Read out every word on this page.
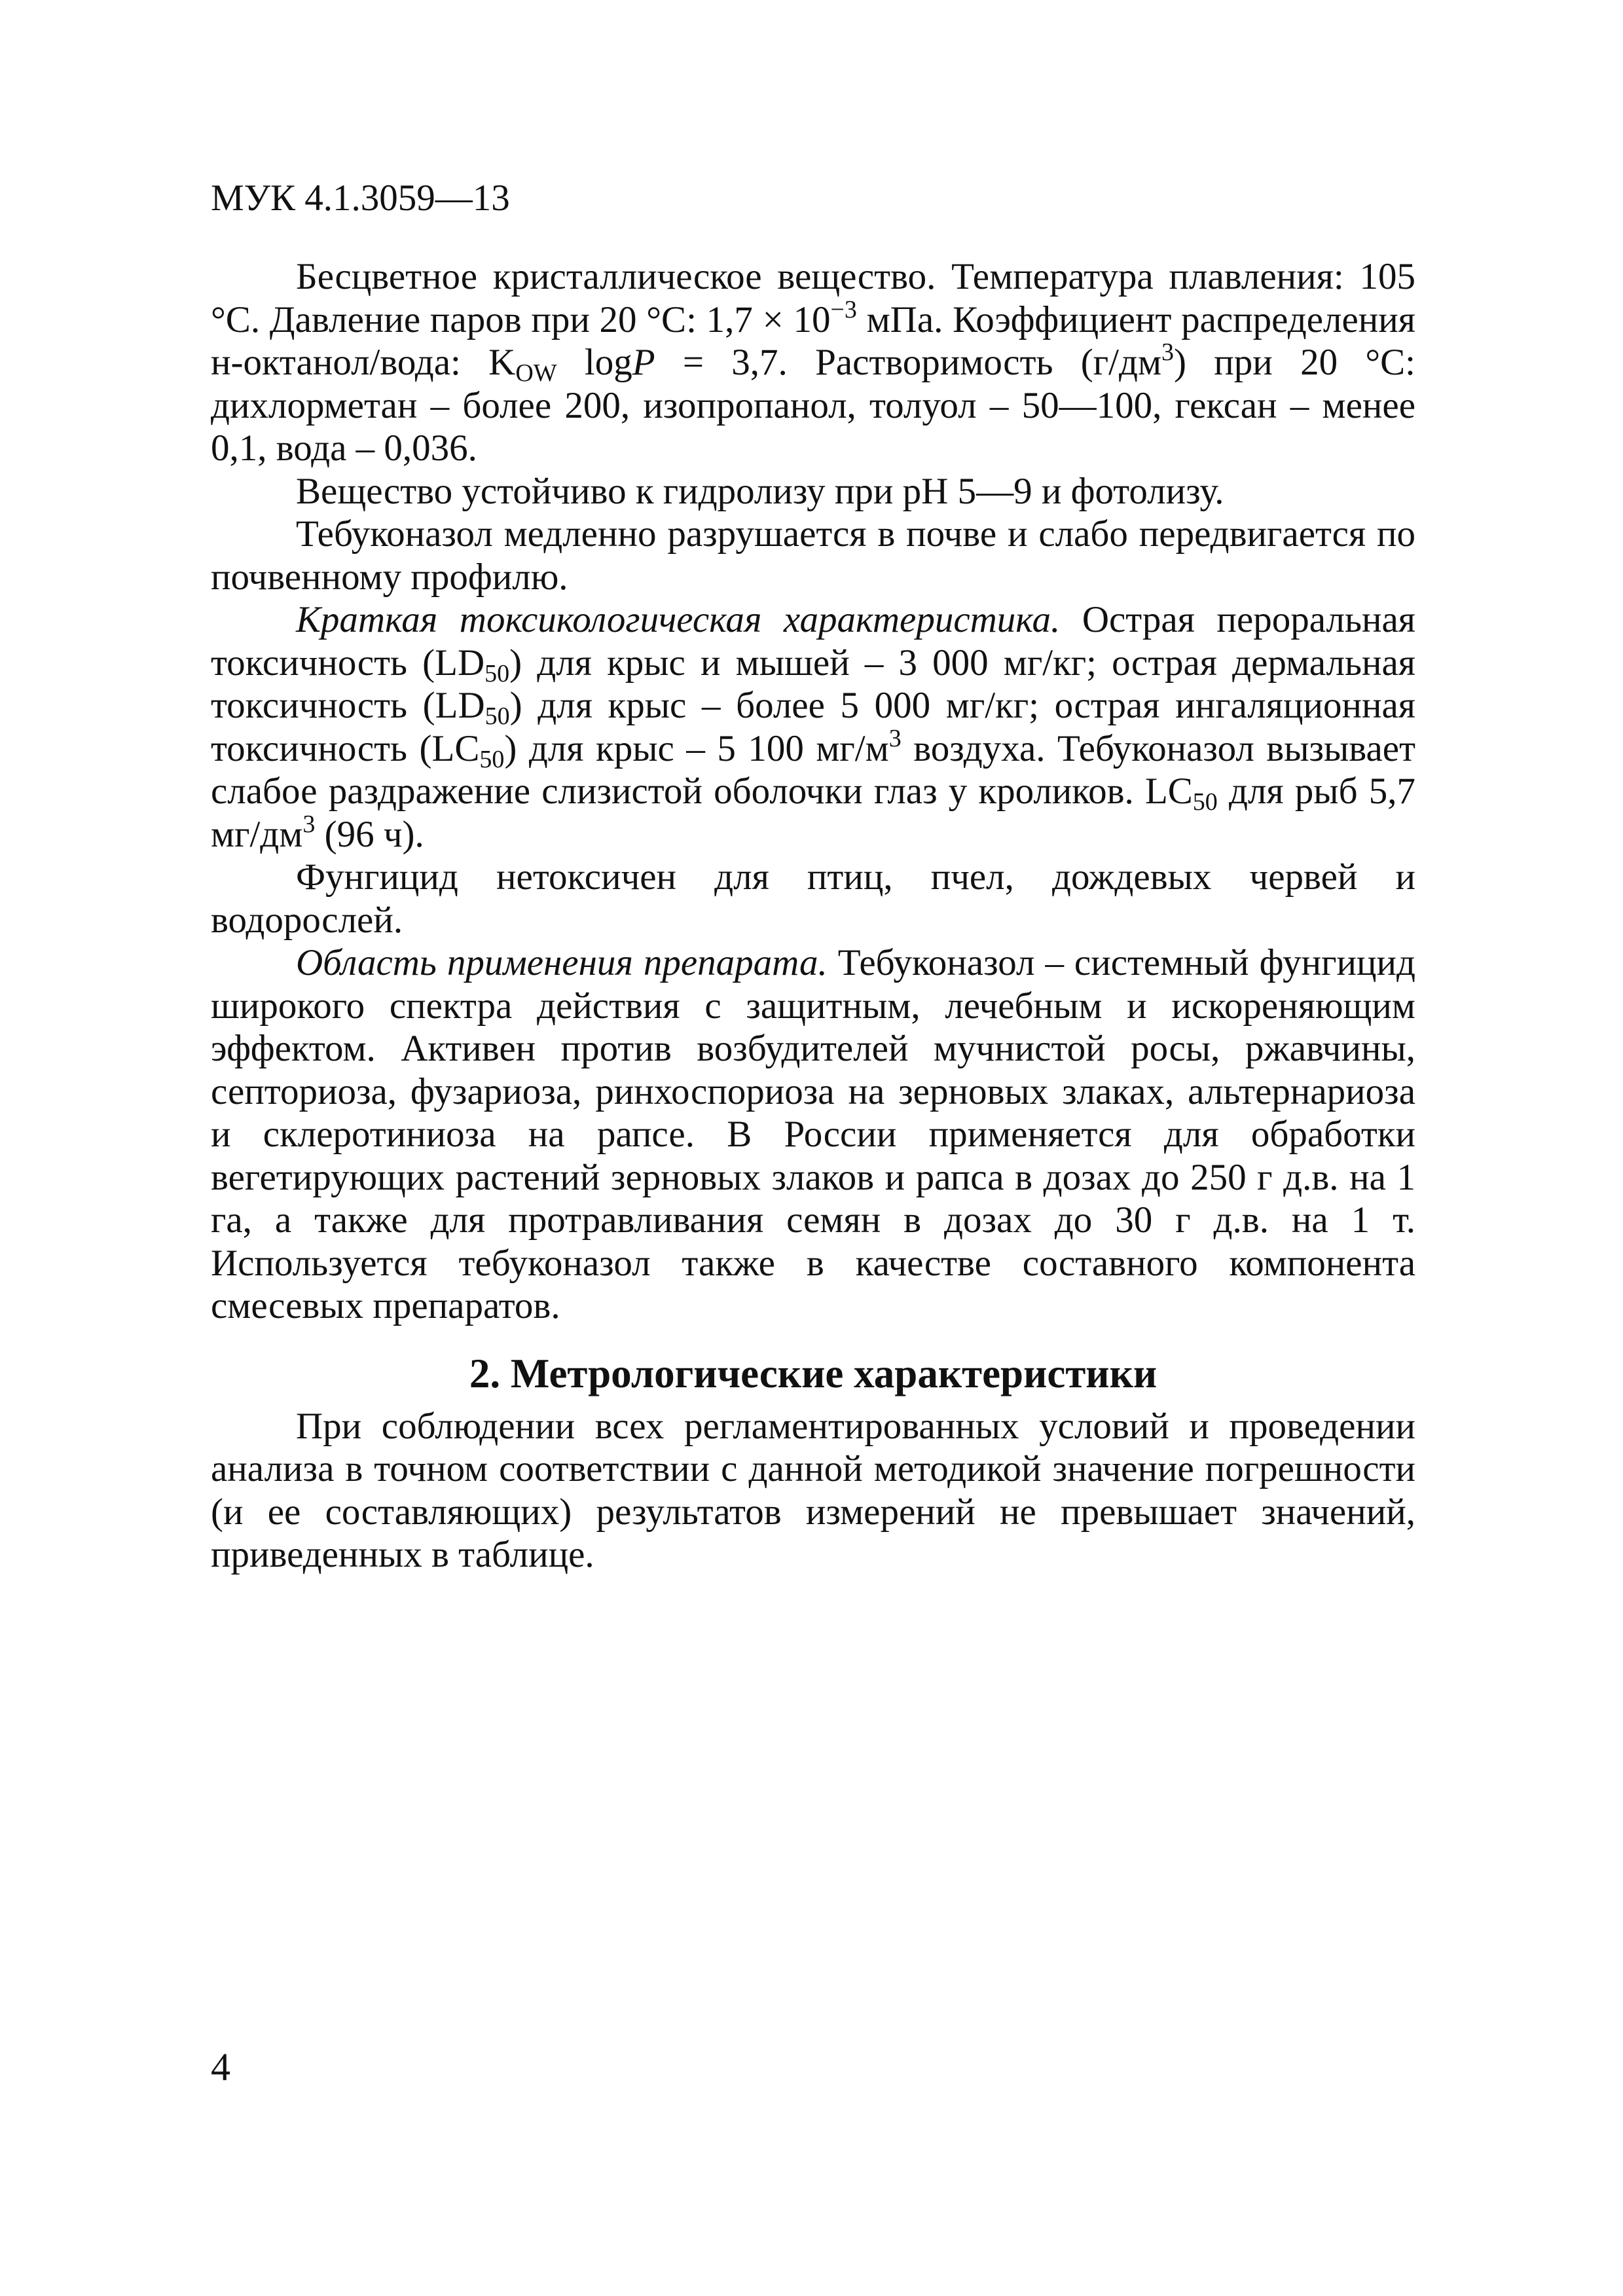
МУК 4.1.3059—13

Бесцветное кристаллическое вещество. Температура плавления: 105 °С. Давление паров при 20 °С: $1,7 \times 10^{-3}$ мПа. Коэффициент распределения н-октанол/вода: $K_{OW}$ logP = 3,7. Растворимость $(г/дм^3)$ при 20 °С: дихлорметан – более 200, изопропанол, толуол – 50—100, гексан – менее 0,1, вода – 0,036.

Вещество устойчиво к гидролизу при pH 5—9 и фотолизу.

Тебуконазол медленно разрушается в почве и слабо передвигается по почвенному профилю.

Краткая токсикологическая характеристика. Острая пероральная токсичность $(LD_{50})$ для крыс и мышей – 3 000 мг/кг; острая дермальная токсичность $(LD_{50})$ для крыс – более 5 000 мг/кг; острая ингаляционная токсичность $(LC_{50})$ для крыс – 5 100 $мг/м^3$ воздуха. Тебуконазол вызывает слабое раздражение слизистой оболочки глаз у кроликов. $LC_{50}$ для рыб 5,7 $мг/дм^3$ (96 ч).

Фунгицид нетоксичен для птиц, пчел, дождевых червей и водорослей.

Область применения препарата. Тебуконазол – системный фунгицид широкого спектра действия с защитным, лечебным и искореняющим эффектом. Активен против возбудителей мучнистой росы, ржавчины, септориоза, фузариоза, ринхоспориоза на зерновых злаках, альтернариоза и склеротиниоза на рапсе. В России применяется для обработки вегетирующих растений зерновых злаков и рапса в дозах до 250 г д.в. на 1 га, а также для протравливания семян в дозах до 30 г д.в. на 1 т. Используется тебуконазол также в качестве составного компонента смесевых препаратов.

2. Метрологические характеристики

При соблюдении всех регламентированных условий и проведении анализа в точном соответствии с данной методикой значение погрешности (и ее составляющих) результатов измерений не превышает значений, приведенных в таблице.

4
